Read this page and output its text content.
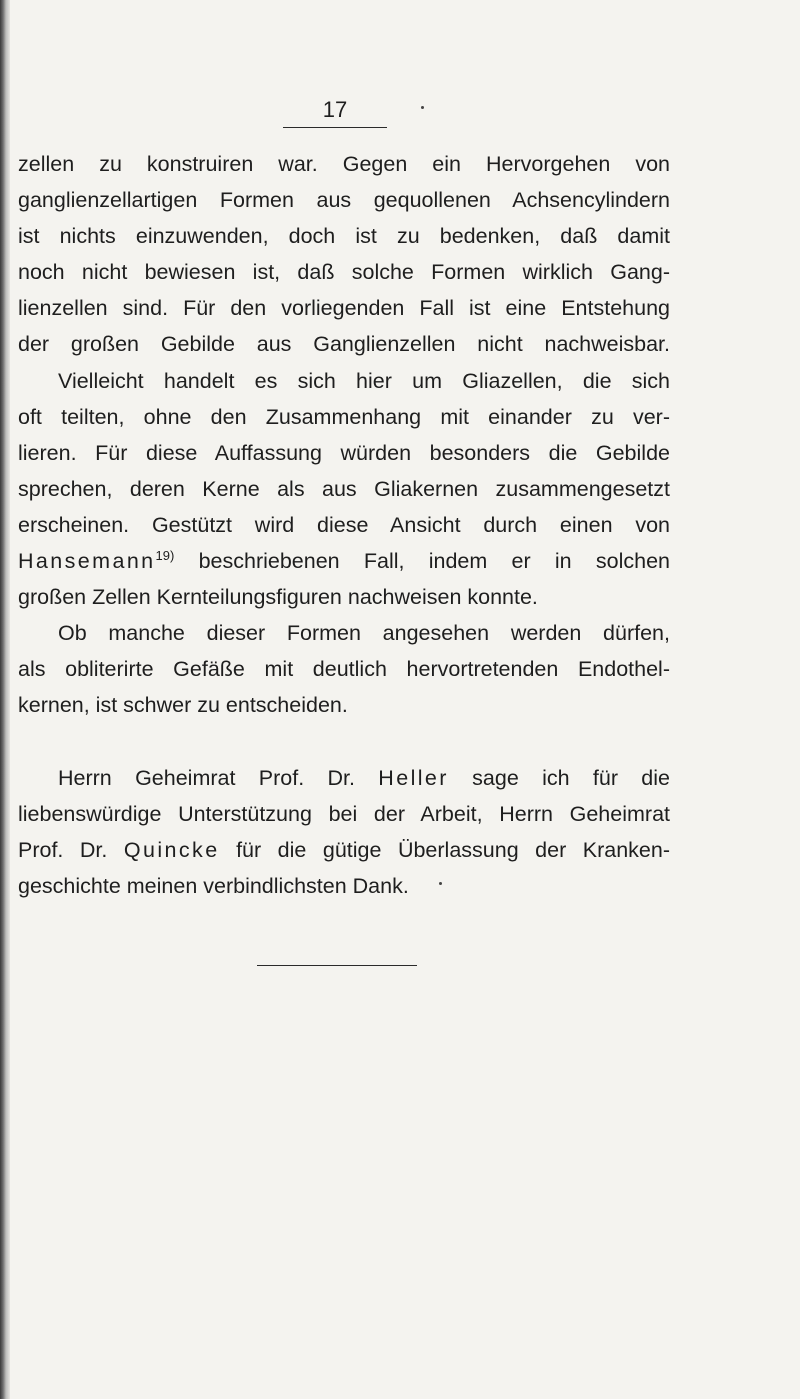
17
zellen zu konstruiren war. Gegen ein Hervorgehen von
ganglienzellartigen Formen aus gequollenen Achsencylindern
ist nichts einzuwenden, doch ist zu bedenken, daß damit
noch nicht bewiesen ist, daß solche Formen wirklich Gang-
lienzellen sind. Für den vorliegenden Fall ist eine Entstehung
der großen Gebilde aus Ganglienzellen nicht nachweisbar.
Vielleicht handelt es sich hier um Gliazellen, die sich
oft teilten, ohne den Zusammenhang mit einander zu ver-
lieren. Für diese Auffassung würden besonders die Gebilde
sprechen, deren Kerne als aus Gliakernen zusammengesetzt
erscheinen. Gestützt wird diese Ansicht durch einen von
Hansemann$^{19)}$ beschriebenen Fall, indem er in solchen
großen Zellen Kernteilungsfiguren nachweisen konnte.
Ob manche dieser Formen angesehen werden dürfen,
als obliterirte Gefäße mit deutlich hervortretenden Endothel-
kernen, ist schwer zu entscheiden.
Herrn Geheimrat Prof. Dr. Heller sage ich für die
liebenswürdige Unterstützung bei der Arbeit, Herrn Geheimrat
Prof. Dr. Quincke für die gütige Überlassung der Kranken-
geschichte meinen verbindlichsten Dank.
